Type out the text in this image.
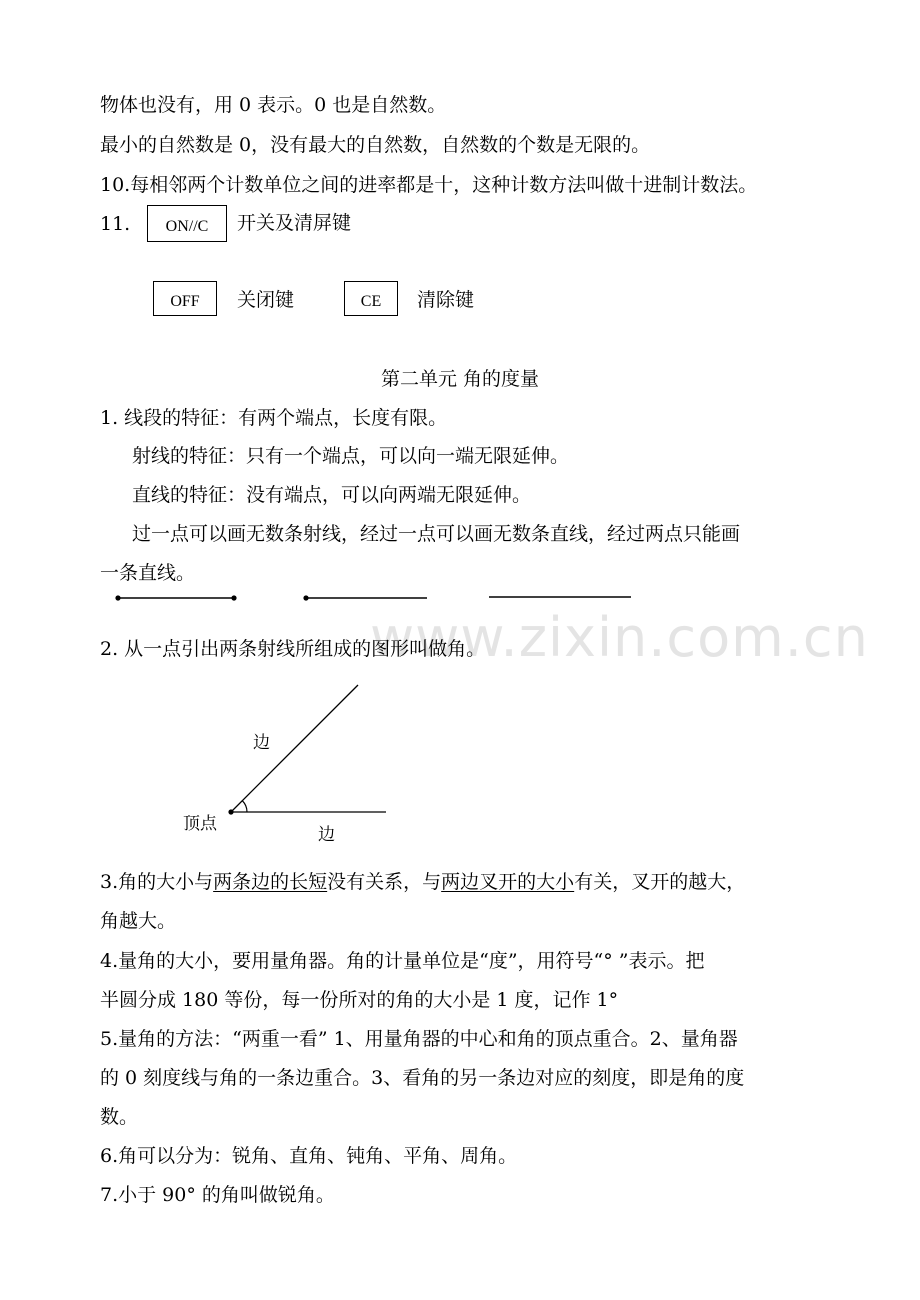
物体也没有，用 0 表示。0 也是自然数。
最小的自然数是 0，没有最大的自然数，自然数的个数是无限的。
10.每相邻两个计数单位之间的进率都是十，这种计数方法叫做十进制计数法。
11.	ON//C	开关及清屏键
OFF	关闭键	CE	清除键
第二单元 角的度量
1. 线段的特征：有两个端点，长度有限。
射线的特征：只有一个端点，可以向一端无限延伸。
直线的特征：没有端点，可以向两端无限延伸。
过一点可以画无数条射线，经过一点可以画无数条直线，经过两点只能画
一条直线。
www.zixin.com.cn
边
边
顶点
2. 从一点引出两条射线所组成的图形叫做角。
3.角的大小与两条边的长短没有关系，与两边叉开的大小有关，叉开的越大，
角越大。
4.量角的大小，要用量角器。角的计量单位是“度”，用符号“° ”表示。把
半圆分成 180 等份，每一份所对的角的大小是 1 度，记作 1°
5.量角的方法：“两重一看” 1、用量角器的中心和角的顶点重合。2、量角器
的 0 刻度线与角的一条边重合。3、看角的另一条边对应的刻度，即是角的度
数。
6.角可以分为：锐角、直角、钝角、平角、周角。
7.小于 90° 的角叫做锐角。
